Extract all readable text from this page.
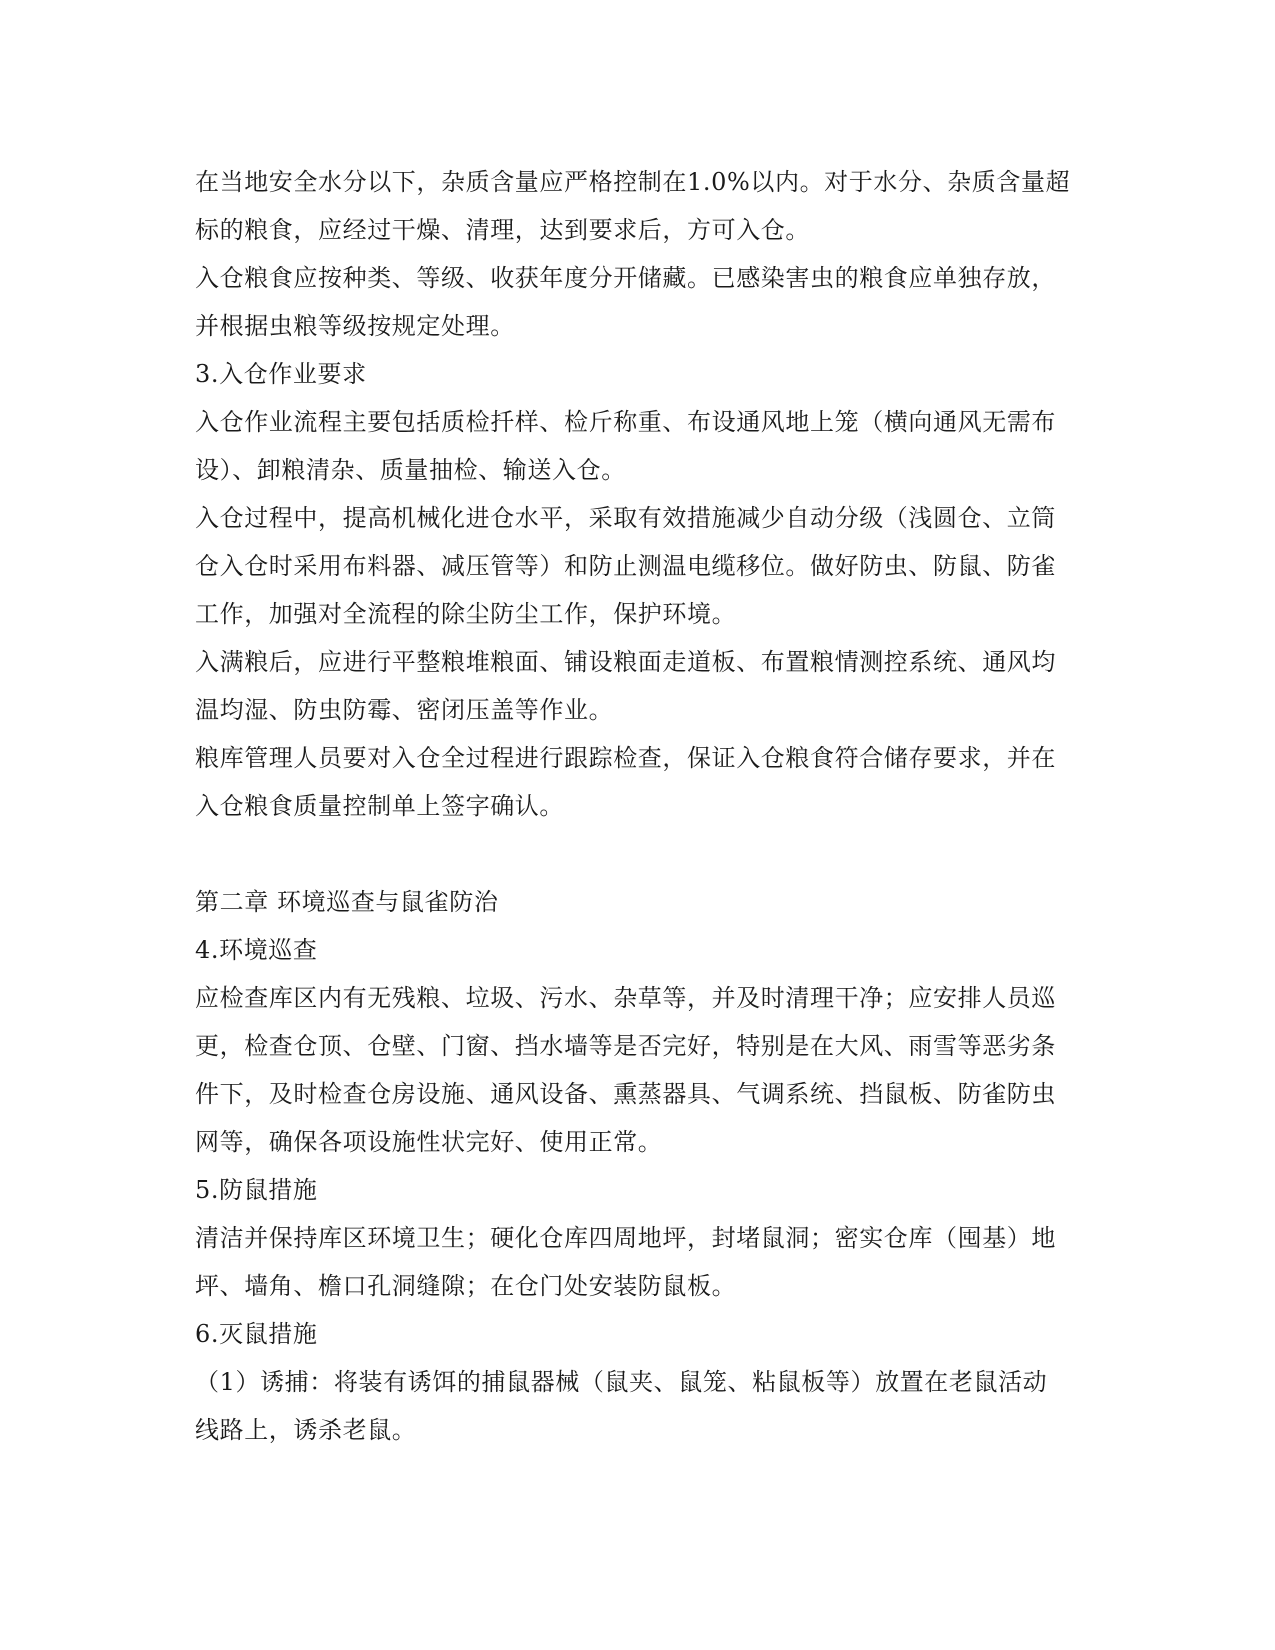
在当地安全水分以下，杂质含量应严格控制在1.0%以内。对于水分、杂质含量超
标的粮食，应经过干燥、清理，达到要求后，方可入仓。
入仓粮食应按种类、等级、收获年度分开储藏。已感染害虫的粮食应单独存放，
并根据虫粮等级按规定处理。
3.入仓作业要求
入仓作业流程主要包括质检扦样、检斤称重、布设通风地上笼（横向通风无需布
设）、卸粮清杂、质量抽检、输送入仓。
入仓过程中，提高机械化进仓水平，采取有效措施减少自动分级（浅圆仓、立筒
仓入仓时采用布料器、减压管等）和防止测温电缆移位。做好防虫、防鼠、防雀
工作，加强对全流程的除尘防尘工作，保护环境。
入满粮后，应进行平整粮堆粮面、铺设粮面走道板、布置粮情测控系统、通风均
温均湿、防虫防霉、密闭压盖等作业。
粮库管理人员要对入仓全过程进行跟踪检查，保证入仓粮食符合储存要求，并在
入仓粮食质量控制单上签字确认。
第二章 环境巡查与鼠雀防治
4.环境巡查
应检查库区内有无残粮、垃圾、污水、杂草等，并及时清理干净；应安排人员巡
更，检查仓顶、仓壁、门窗、挡水墙等是否完好，特别是在大风、雨雪等恶劣条
件下，及时检查仓房设施、通风设备、熏蒸器具、气调系统、挡鼠板、防雀防虫
网等，确保各项设施性状完好、使用正常。
5.防鼠措施
清洁并保持库区环境卫生；硬化仓库四周地坪，封堵鼠洞；密实仓库（囤基）地
坪、墙角、檐口孔洞缝隙；在仓门处安装防鼠板。
6.灭鼠措施
（1）诱捕：将装有诱饵的捕鼠器械（鼠夹、鼠笼、粘鼠板等）放置在老鼠活动
线路上，诱杀老鼠。
